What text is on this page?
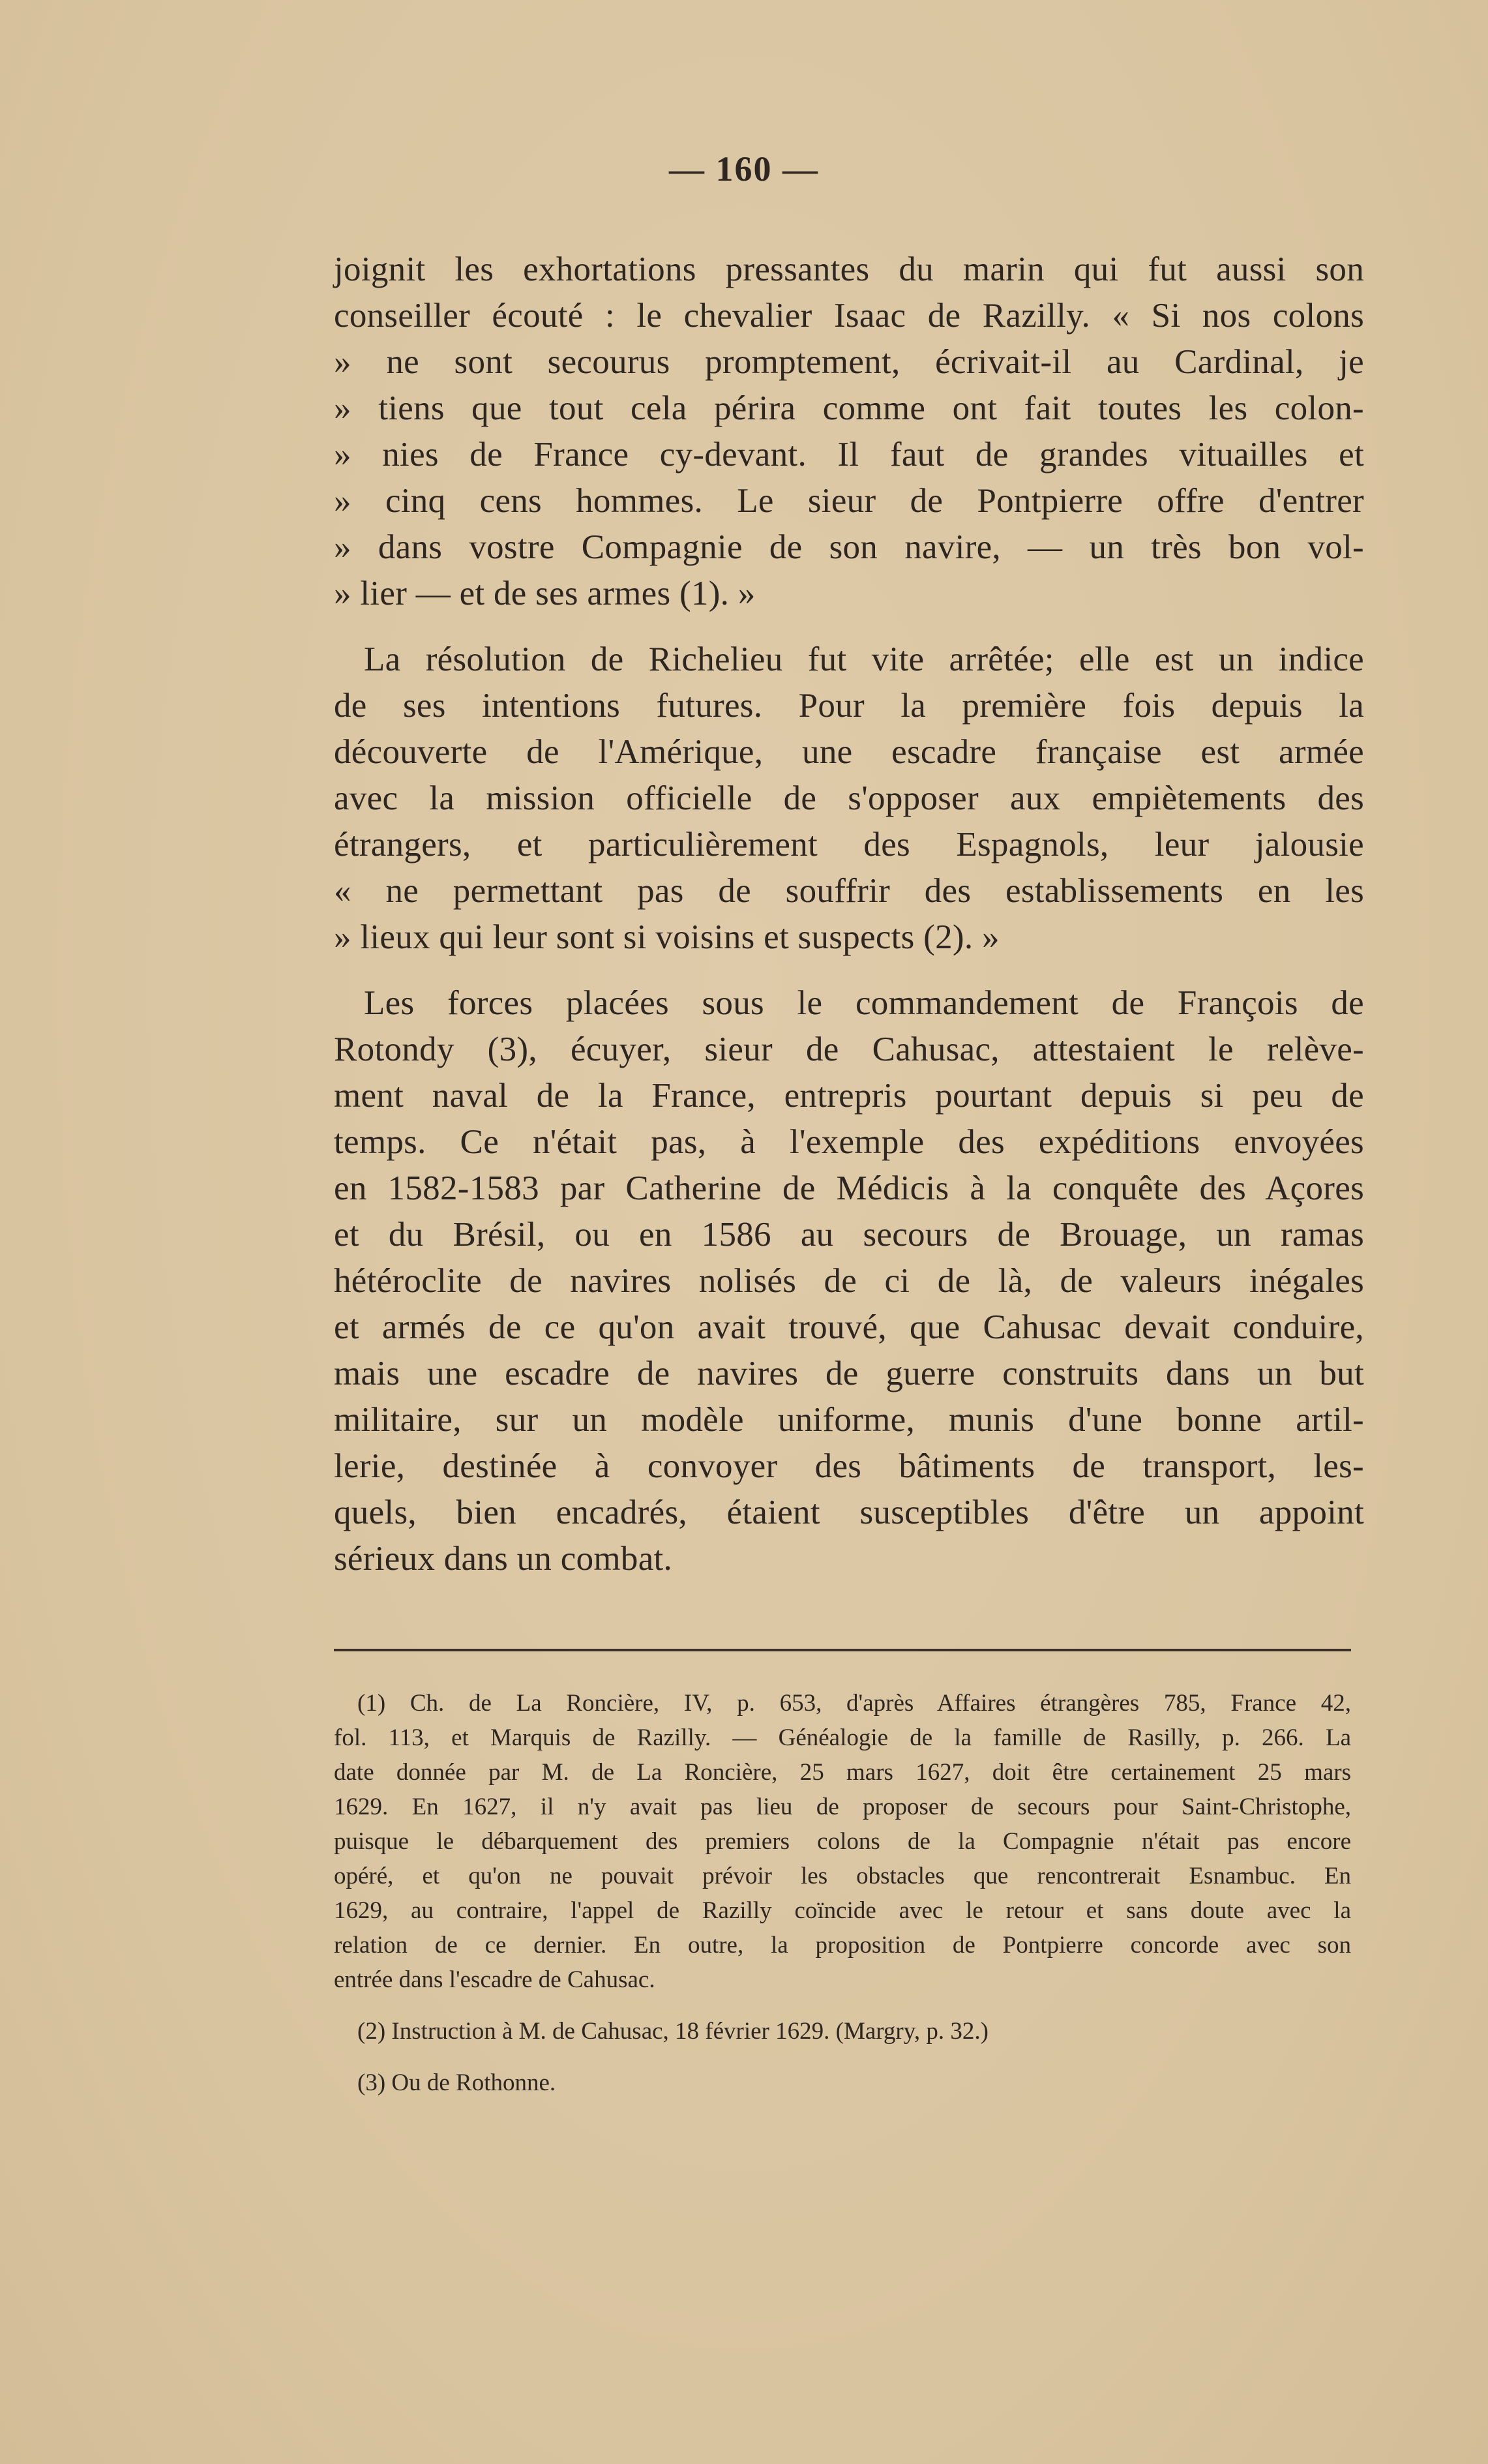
— 160 —
joignit les exhortations pressantes du marin qui fut aussi son
conseiller écouté : le chevalier Isaac de Razilly. « Si nos colons
» ne sont secourus promptement, écrivait-il au Cardinal, je
» tiens que tout cela périra comme ont fait toutes les colon-
» nies de France cy-devant. Il faut de grandes vituailles et
» cinq cens hommes. Le sieur de Pontpierre offre d'entrer
» dans vostre Compagnie de son navire, — un très bon vol-
» lier — et de ses armes (1). »
La résolution de Richelieu fut vite arrêtée; elle est un indice
de ses intentions futures. Pour la première fois depuis la
découverte de l'Amérique, une escadre française est armée
avec la mission officielle de s'opposer aux empiètements des
étrangers, et particulièrement des Espagnols, leur jalousie
« ne permettant pas de souffrir des establissements en les
» lieux qui leur sont si voisins et suspects (2). »
Les forces placées sous le commandement de François de
Rotondy (3), écuyer, sieur de Cahusac, attestaient le relève-
ment naval de la France, entrepris pourtant depuis si peu de
temps. Ce n'était pas, à l'exemple des expéditions envoyées
en 1582-1583 par Catherine de Médicis à la conquête des Açores
et du Brésil, ou en 1586 au secours de Brouage, un ramas
hétéroclite de navires nolisés de ci de là, de valeurs inégales
et armés de ce qu'on avait trouvé, que Cahusac devait conduire,
mais une escadre de navires de guerre construits dans un but
militaire, sur un modèle uniforme, munis d'une bonne artil-
lerie, destinée à convoyer des bâtiments de transport, les-
quels, bien encadrés, étaient susceptibles d'être un appoint
sérieux dans un combat.
(1) Ch. de La Roncière, IV, p. 653, d'après Affaires étrangères 785, France 42,
fol. 113, et Marquis de Razilly. — Généalogie de la famille de Rasilly, p. 266. La
date donnée par M. de La Roncière, 25 mars 1627, doit être certainement 25 mars
1629. En 1627, il n'y avait pas lieu de proposer de secours pour Saint-Christophe,
puisque le débarquement des premiers colons de la Compagnie n'était pas encore
opéré, et qu'on ne pouvait prévoir les obstacles que rencontrerait Esnambuc. En
1629, au contraire, l'appel de Razilly coïncide avec le retour et sans doute avec la
relation de ce dernier. En outre, la proposition de Pontpierre concorde avec son
entrée dans l'escadre de Cahusac.
(2) Instruction à M. de Cahusac, 18 février 1629. (Margry, p. 32.)
(3) Ou de Rothonne.
